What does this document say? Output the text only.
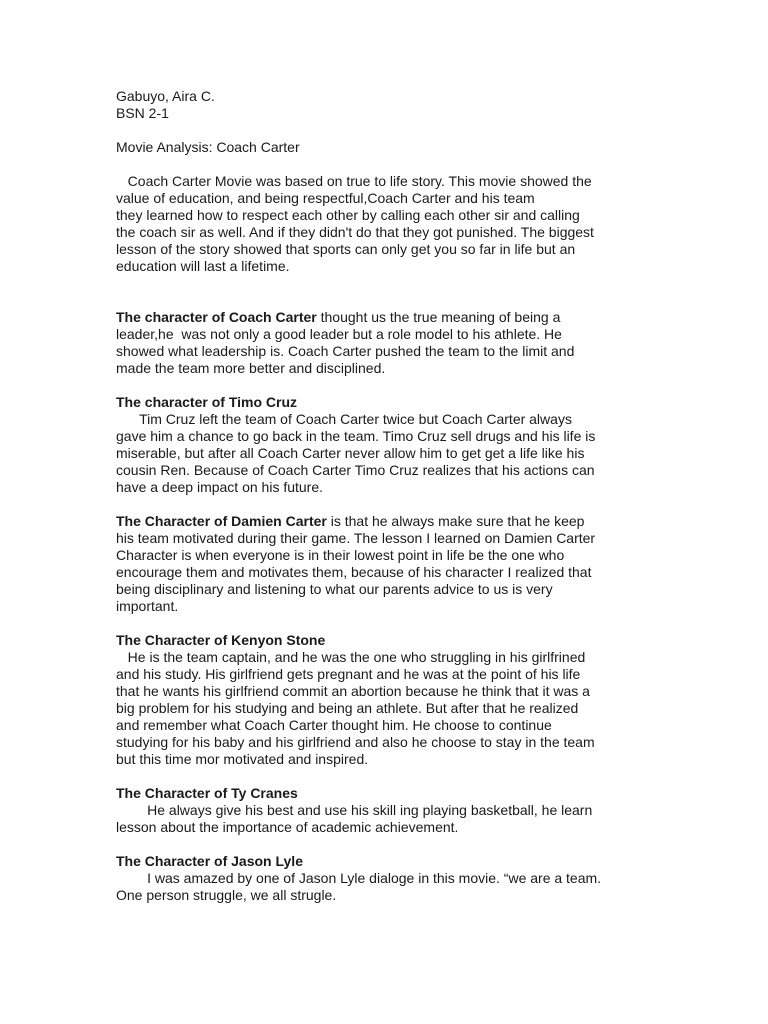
Gabuyo, Aira C.
BSN 2-1
Movie Analysis: Coach Carter
Coach Carter Movie was based on true to life story. This movie showed the
value of education, and being respectful,Coach Carter and his team
they learned how to respect each other by calling each other sir and calling
the coach sir as well. And if they didn't do that they got punished. The biggest
lesson of the story showed that sports can only get you so far in life but an
education will last a lifetime.
The character of Coach Carter thought us the true meaning of being a
leader,he  was not only a good leader but a role model to his athlete. He
showed what leadership is. Coach Carter pushed the team to the limit and
made the team more better and disciplined.
The character of Timo Cruz
Tim Cruz left the team of Coach Carter twice but Coach Carter always
gave him a chance to go back in the team. Timo Cruz sell drugs and his life is
miserable, but after all Coach Carter never allow him to get get a life like his
cousin Ren. Because of Coach Carter Timo Cruz realizes that his actions can
have a deep impact on his future.
The Character of Damien Carter is that he always make sure that he keep
his team motivated during their game. The lesson I learned on Damien Carter
Character is when everyone is in their lowest point in life be the one who
encourage them and motivates them, because of his character I realized that
being disciplinary and listening to what our parents advice to us is very
important.
The Character of Kenyon Stone
He is the team captain, and he was the one who struggling in his girlfrined
and his study. His girlfriend gets pregnant and he was at the point of his life
that he wants his girlfriend commit an abortion because he think that it was a
big problem for his studying and being an athlete. But after that he realized
and remember what Coach Carter thought him. He choose to continue
studying for his baby and his girlfriend and also he choose to stay in the team
but this time mor motivated and inspired.
The Character of Ty Cranes
He always give his best and use his skill ing playing basketball, he learn
lesson about the importance of academic achievement.
The Character of Jason Lyle
I was amazed by one of Jason Lyle dialoge in this movie. “we are a team.
One person struggle, we all strugle.
